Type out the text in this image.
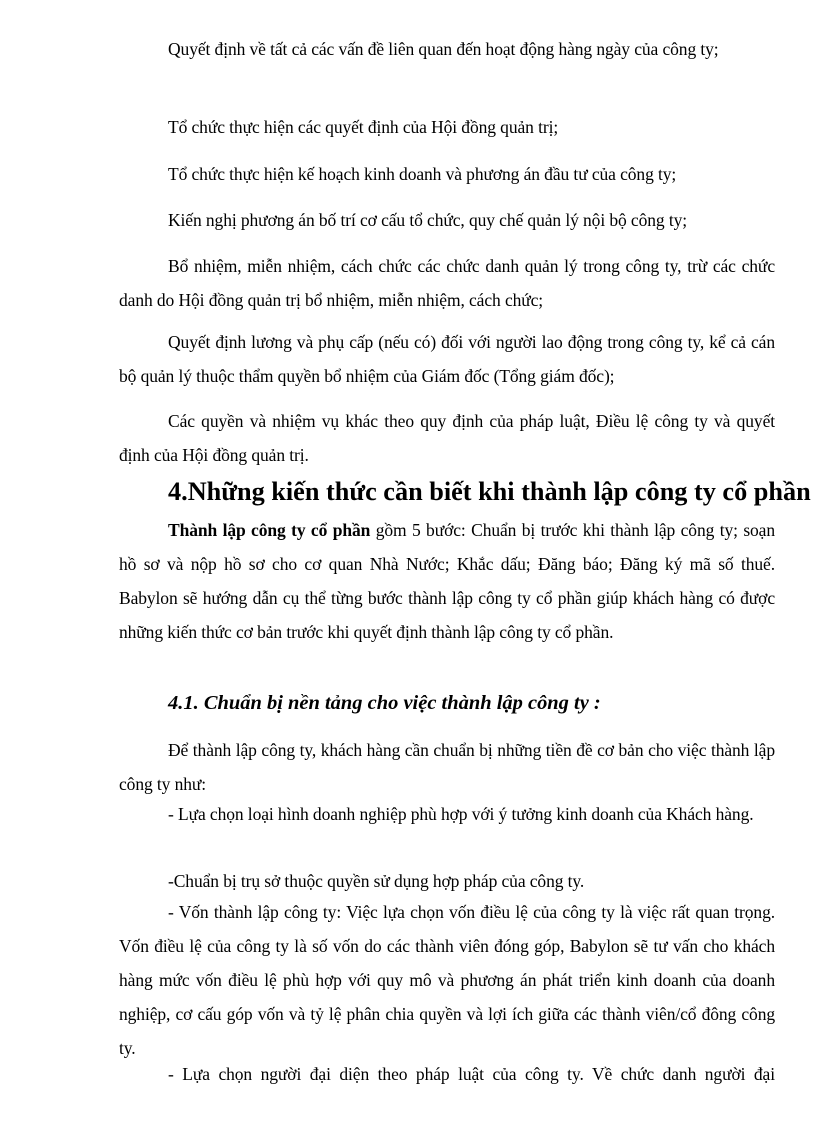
Quyết định về tất cả các vấn đề liên quan đến hoạt động hàng ngày của công ty;

Tổ chức thực hiện các quyết định của Hội đồng quản trị;

Tổ chức thực hiện kế hoạch kinh doanh và phương án đầu tư của công ty;

Kiến nghị phương án bố trí cơ cấu tổ chức, quy chế quản lý nội bộ công ty;

Bổ nhiệm, miễn nhiệm, cách chức các chức danh quản lý trong công ty, trừ các chức danh do Hội đồng quản trị bổ nhiệm, miễn nhiệm, cách chức;

Quyết định lương và phụ cấp (nếu có) đối với người lao động trong công ty, kể cả cán bộ quản lý thuộc thẩm quyền bổ nhiệm của Giám đốc (Tổng giám đốc);

Các quyền và nhiệm vụ khác theo quy định của pháp luật, Điều lệ công ty và quyết định của Hội đồng quản trị.

4.Những kiến thức cần biết khi thành lập công ty cổ phần

Thành lập công ty cổ phần gồm 5 bước: Chuẩn bị trước khi thành lập công ty; soạn hồ sơ và nộp hồ sơ cho cơ quan Nhà Nước; Khắc dấu; Đăng báo; Đăng ký mã số thuế. Babylon sẽ hướng dẫn cụ thể từng bước thành lập công ty cổ phần giúp khách hàng có được những kiến thức cơ bản trước khi quyết định thành lập công ty cổ phần.

4.1. Chuẩn bị nền tảng cho việc thành lập công ty :

Để thành lập công ty, khách hàng cần chuẩn bị những tiền đề cơ bản cho việc thành lập công ty như:

- Lựa chọn loại hình doanh nghiệp phù hợp với ý tưởng kinh doanh của Khách hàng.

-Chuẩn bị trụ sở thuộc quyền sử dụng hợp pháp của công ty.

- Vốn thành lập công ty: Việc lựa chọn vốn điều lệ của công ty là việc rất quan trọng. Vốn điều lệ của công ty là số vốn do các thành viên đóng góp, Babylon sẽ tư vấn cho khách hàng mức vốn điều lệ phù hợp với quy mô và phương án phát triển kinh doanh của doanh nghiệp, cơ cấu góp vốn và tỷ lệ phân chia quyền và lợi ích giữa các thành viên/cổ đông công ty.

- Lựa chọn người đại diện theo pháp luật của công ty. Về chức danh người đại
